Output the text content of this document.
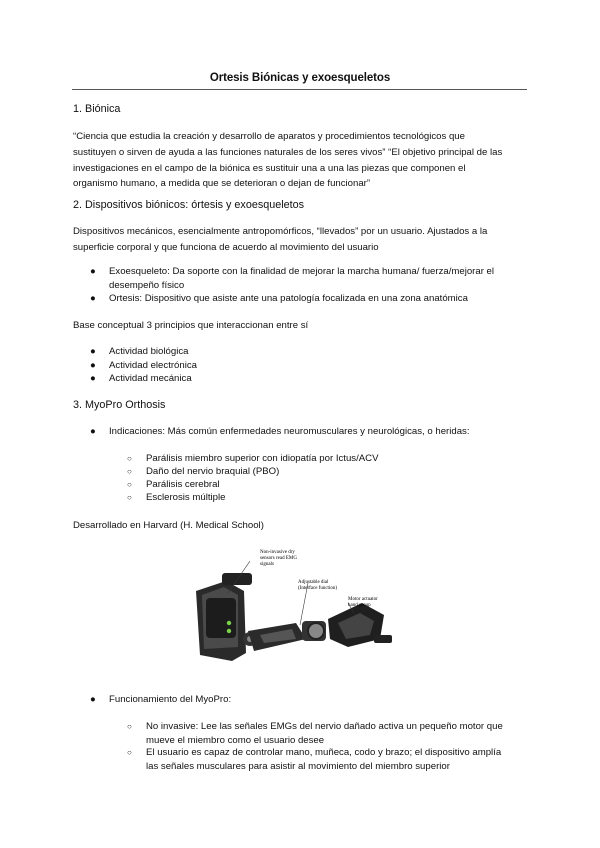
Ortesis Biónicas y exoesqueletos
1. Biónica
“Ciencia que estudia la creación y desarrollo de aparatos y procedimientos tecnológicos que
sustituyen o sirven de ayuda a las funciones naturales de los seres vivos” “El objetivo principal de las
investigaciones en el campo de la biónica es sustituir una a una las piezas que componen el
organismo humano, a medida que se deterioran o dejan de funcionar”
2. Dispositivos biónicos: órtesis y exoesqueletos
Dispositivos mecánicos, esencialmente antropomórficos, “llevados” por un usuario. Ajustados a la
superficie corporal y que funciona de acuerdo al movimiento del usuario
● Exoesqueleto: Da soporte con la finalidad de mejorar la marcha humana/ fuerza/mejorar el
desempeño físico
● Ortesis: Dispositivo que asiste ante una patología focalizada en una zona anatómica
Base conceptual 3 principios que interaccionan entre sí
● Actividad biológica
● Actividad electrónica
● Actividad mecánica
3. MyoPro Orthosis
● Indicaciones: Más común enfermedades neuromusculares y neurológicas, o heridas:
○ Parálisis miembro superior con idiopatía por Ictus/ACV
○ Daño del nervio braquial (PBO)
○ Parálisis cerebral
○ Esclerosis múltiple
Desarrollado en Harvard (H. Medical School)
Non-invasive dry
sensors read EMG
signals
Adjustable dial
(Interface function)
Motor actuator
hand group
● Funcionamiento del MyoPro:
○ No invasive: Lee las señales EMGs del nervio dañado activa un pequeño motor que
mueve el miembro como el usuario desee
○ El usuario es capaz de controlar mano, muñeca, codo y brazo; el dispositivo amplía
las señales musculares para asistir al movimiento del miembro superior
